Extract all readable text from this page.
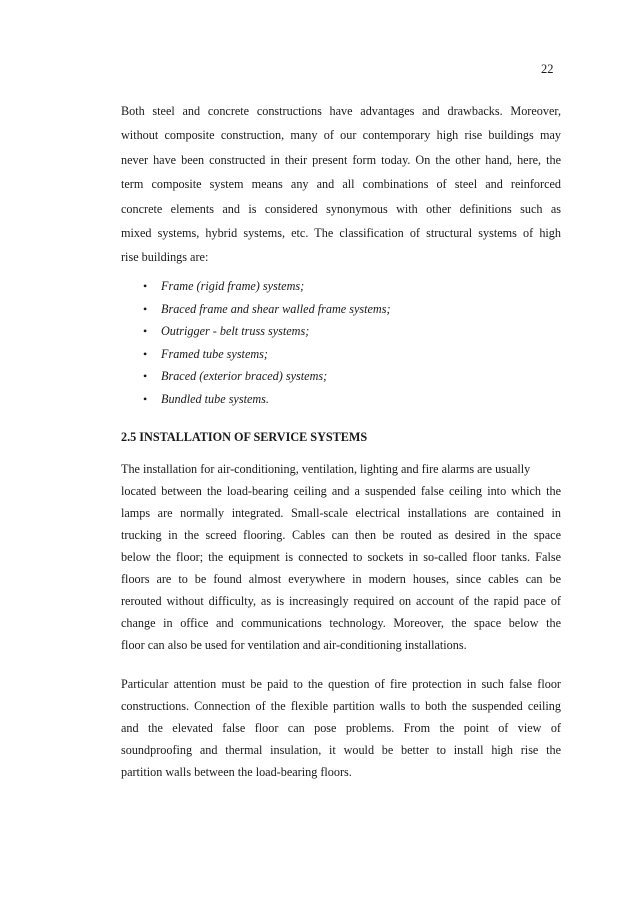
22
Both steel and concrete constructions have advantages and drawbacks. Moreover,
without composite construction, many of our contemporary high rise buildings may
never have been constructed in their present form today. On the other hand, here, the
term composite system means any and all combinations of steel and reinforced
concrete elements and is considered synonymous with other definitions such as
mixed systems, hybrid systems, etc. The classification of structural systems of high
rise buildings are:
• Frame (rigid frame) systems;
• Braced frame and shear walled frame systems;
• Outrigger - belt truss systems;
• Framed tube systems;
• Braced (exterior braced) systems;
• Bundled tube systems.
2.5 INSTALLATION OF SERVICE SYSTEMS
The installation for air-conditioning, ventilation, lighting and fire alarms are usually
located between the load-bearing ceiling and a suspended false ceiling into which the
lamps are normally integrated. Small-scale electrical installations are contained in
trucking in the screed flooring. Cables can then be routed as desired in the space
below the floor; the equipment is connected to sockets in so-called floor tanks. False
floors are to be found almost everywhere in modern houses, since cables can be
rerouted without difficulty, as is increasingly required on account of the rapid pace of
change in office and communications technology. Moreover, the space below the
floor can also be used for ventilation and air-conditioning installations.
Particular attention must be paid to the question of fire protection in such false floor
constructions. Connection of the flexible partition walls to both the suspended ceiling
and the elevated false floor can pose problems. From the point of view of
soundproofing and thermal insulation, it would be better to install high rise the
partition walls between the load-bearing floors.
